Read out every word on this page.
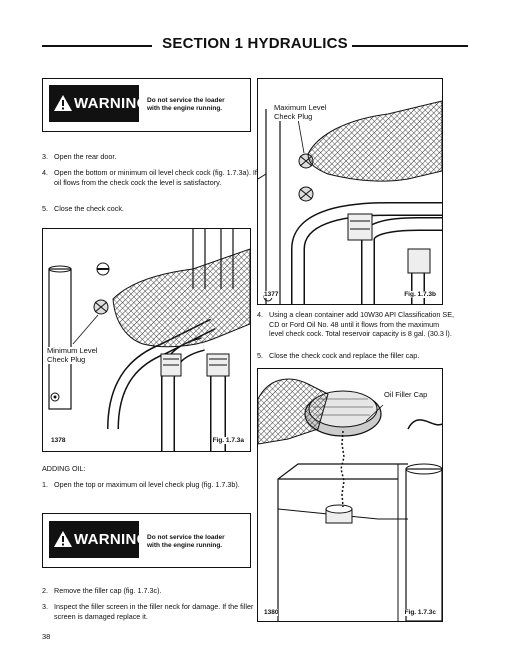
SECTION 1 HYDRAULICS
WARNING
Do not service the loader
with the engine running.
3. Open the rear door.
4. Open the bottom or minimum oil level check cock (fig. 1.7.3a). If oil flows from the check cock the level is satisfactory.
5. Close the check cock.
Minimum Level
Check Plug
1378	Fig. 1.7.3a
ADDING OIL:
1. Open the top or maximum oil level check plug (fig. 1.7.3b).
WARNING
Do not service the loader
with the engine running.
2. Remove the filler cap (fig. 1.7.3c).
3. Inspect the filler screen in the filler neck for damage. If the filler screen is damaged replace it.
Maximum Level
Check Plug
1377	Fig. 1.7.3b
4. Using a clean container add 10W30 API Classification SE, CD or Ford Oil No. 48 until it flows from the maximum level check cock. Total reservoir capacity is 8 gal. (30.3 l).
5. Close the check cock and replace the filler cap.
Oil Filler Cap
1380	Fig. 1.7.3c
38
